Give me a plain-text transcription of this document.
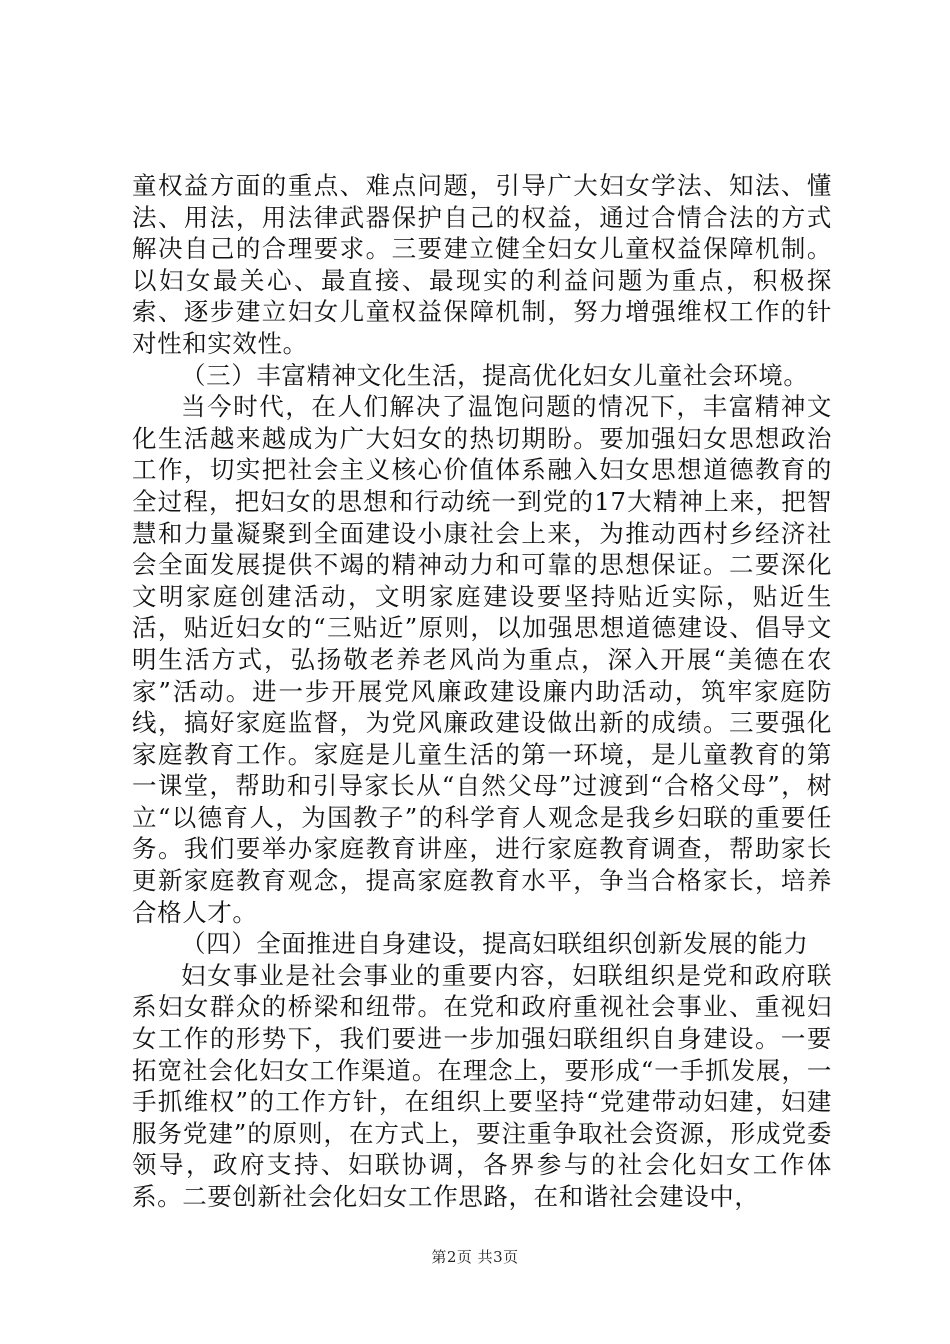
童权益方面的重点、难点问题，引导广大妇女学法、知法、懂法、用法，用法律武器保护自己的权益，通过合情合法的方式解决自己的合理要求。三要建立健全妇女儿童权益保障机制。以妇女最关心、最直接、最现实的利益问题为重点，积极探索、逐步建立妇女儿童权益保障机制，努力增强维权工作的针对性和实效性。

（三）丰富精神文化生活，提高优化妇女儿童社会环境。

当今时代，在人们解决了温饱问题的情况下，丰富精神文化生活越来越成为广大妇女的热切期盼。要加强妇女思想政治工作，切实把社会主义核心价值体系融入妇女思想道德教育的全过程，把妇女的思想和行动统一到党的17大精神上来，把智慧和力量凝聚到全面建设小康社会上来，为推动西村乡经济社会全面发展提供不竭的精神动力和可靠的思想保证。二要深化文明家庭创建活动，文明家庭建设要坚持贴近实际，贴近生活，贴近妇女的“三贴近”原则，以加强思想道德建设、倡导文明生活方式，弘扬敬老养老风尚为重点，深入开展“美德在农家”活动。进一步开展党风廉政建设廉内助活动，筑牢家庭防线，搞好家庭监督，为党风廉政建设做出新的成绩。三要强化家庭教育工作。家庭是儿童生活的第一环境，是儿童教育的第一课堂，帮助和引导家长从“自然父母”过渡到“合格父母”，树立“以德育人，为国教子”的科学育人观念是我乡妇联的重要任务。我们要举办家庭教育讲座，进行家庭教育调查，帮助家长更新家庭教育观念，提高家庭教育水平，争当合格家长，培养合格人才。

（四）全面推进自身建设，提高妇联组织创新发展的能力

妇女事业是社会事业的重要内容，妇联组织是党和政府联系妇女群众的桥梁和纽带。在党和政府重视社会事业、重视妇女工作的形势下，我们要进一步加强妇联组织自身建设。一要拓宽社会化妇女工作渠道。在理念上，要形成“一手抓发展，一手抓维权”的工作方针，在组织上要坚持“党建带动妇建，妇建服务党建”的原则，在方式上，要注重争取社会资源，形成党委领导，政府支持、妇联协调，各界参与的社会化妇女工作体系。二要创新社会化妇女工作思路，在和谐社会建设中，

第2页 共3页
